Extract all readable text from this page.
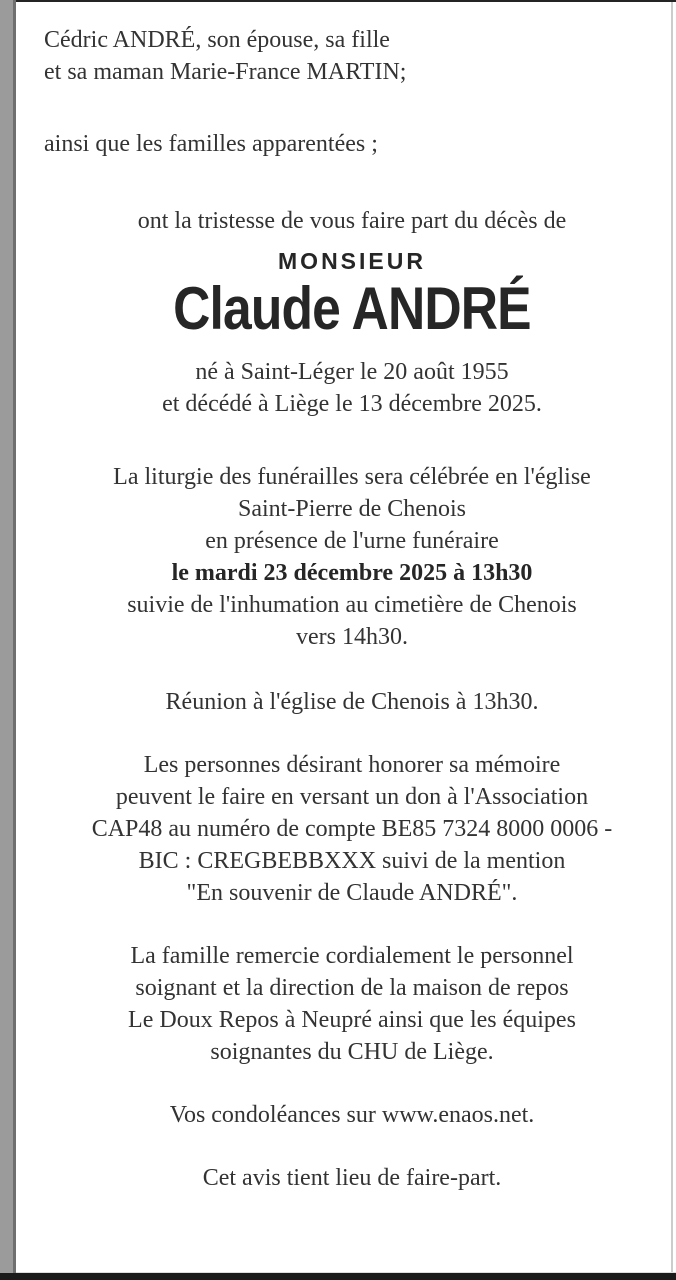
Cédric ANDRÉ, son épouse, sa fille
et sa maman Marie-France MARTIN;
ainsi que les familles apparentées ;
ont la tristesse de vous faire part du décès de
MONSIEUR
Claude ANDRÉ
né à Saint-Léger le 20 août 1955
et décédé à Liège le 13 décembre 2025.
La liturgie des funérailles sera célébrée en l'église
Saint-Pierre de Chenois
en présence de l'urne funéraire
le mardi 23 décembre 2025 à 13h30
suivie de l'inhumation au cimetière de Chenois
vers 14h30.
Réunion à l'église de Chenois à 13h30.
Les personnes désirant honorer sa mémoire
peuvent le faire en versant un don à l'Association
CAP48 au numéro de compte BE85 7324 8000 0006 -
BIC : CREGBEBBXXX suivi de la mention
"En souvenir de Claude ANDRÉ".
La famille remercie cordialement le personnel
soignant et la direction de la maison de repos
Le Doux Repos à Neupré ainsi que les équipes
soignantes du CHU de Liège.
Vos condoléances sur www.enaos.net.
Cet avis tient lieu de faire-part.
